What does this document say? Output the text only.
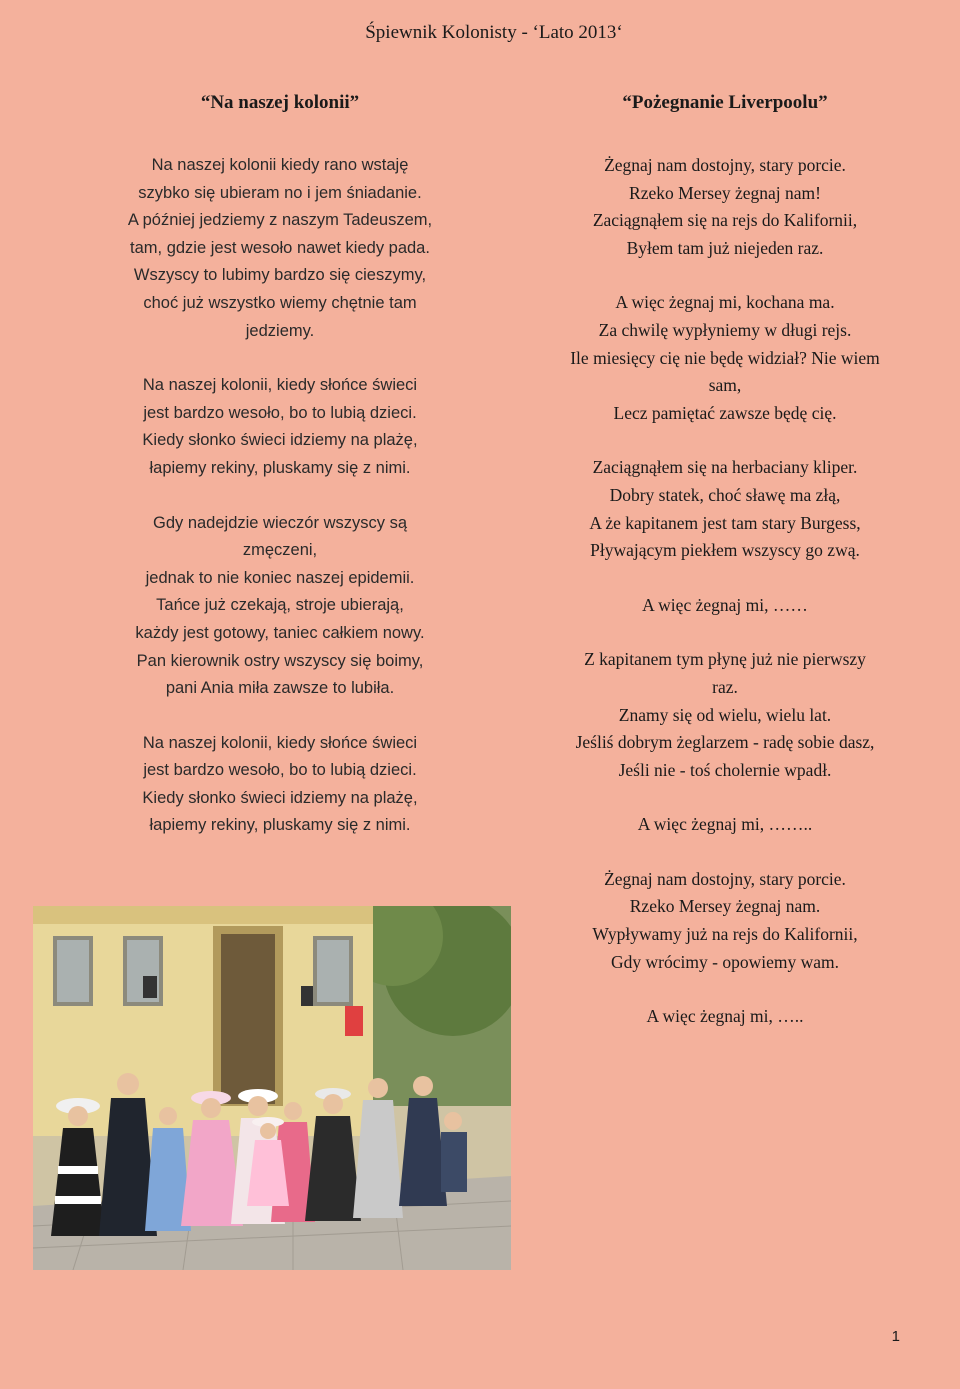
Śpiewnik Kolonisty - ‘Lato 2013‘
“Na naszej kolonii”
Na naszej kolonii kiedy rano wstaję
szybko się ubieram no i jem śniadanie.
A później jedziemy z naszym Tadeuszem,
tam, gdzie jest wesoło nawet kiedy pada.
Wszyscy to lubimy bardzo się cieszymy,
choć już wszystko wiemy chętnie tam
jedziemy.
Na naszej kolonii, kiedy słońce świeci
jest bardzo wesoło, bo to lubią dzieci.
Kiedy słonko świeci idziemy na plażę,
łapiemy rekiny, pluskamy się z nimi.
Gdy nadejdzie wieczór wszyscy są
zmęczeni,
jednak to nie koniec naszej epidemii.
Tańce już czekają, stroje ubierają,
każdy jest gotowy, taniec całkiem nowy.
Pan kierownik ostry wszyscy się boimy,
pani Ania miła zawsze to lubiła.
Na naszej kolonii, kiedy słońce świeci
jest bardzo wesoło, bo to lubią dzieci.
Kiedy słonko świeci idziemy na plażę,
łapiemy rekiny, pluskamy się z nimi.
“Pożegnanie Liverpoolu”
Żegnaj nam dostojny, stary porcie.
Rzeko Mersey żegnaj nam!
Zaciągnąłem się na rejs do Kalifornii,
Byłem tam już niejeden raz.
A więc żegnaj mi, kochana ma.
Za chwilę wypłyniemy w długi rejs.
Ile miesięcy cię nie będę widział? Nie wiem
sam,
Lecz pamiętać zawsze będę cię.
Zaciągnąłem się na herbaciany kliper.
Dobry statek, choć sławę ma złą,
A że kapitanem jest tam stary Burgess,
Pływającym piekłem wszyscy go zwą.
A więc żegnaj mi, ……
Z kapitanem tym płynę już nie pierwszy
raz.
Znamy się od wielu, wielu lat.
Jeśliś dobrym żeglarzem - radę sobie dasz,
Jeśli nie - toś cholernie wpadł.
A więc żegnaj mi, ……..
Żegnaj nam dostojny, stary porcie.
Rzeko Mersey żegnaj nam.
Wypływamy już na rejs do Kalifornii,
Gdy wrócimy - opowiemy wam.
A więc żegnaj mi, …..
1
